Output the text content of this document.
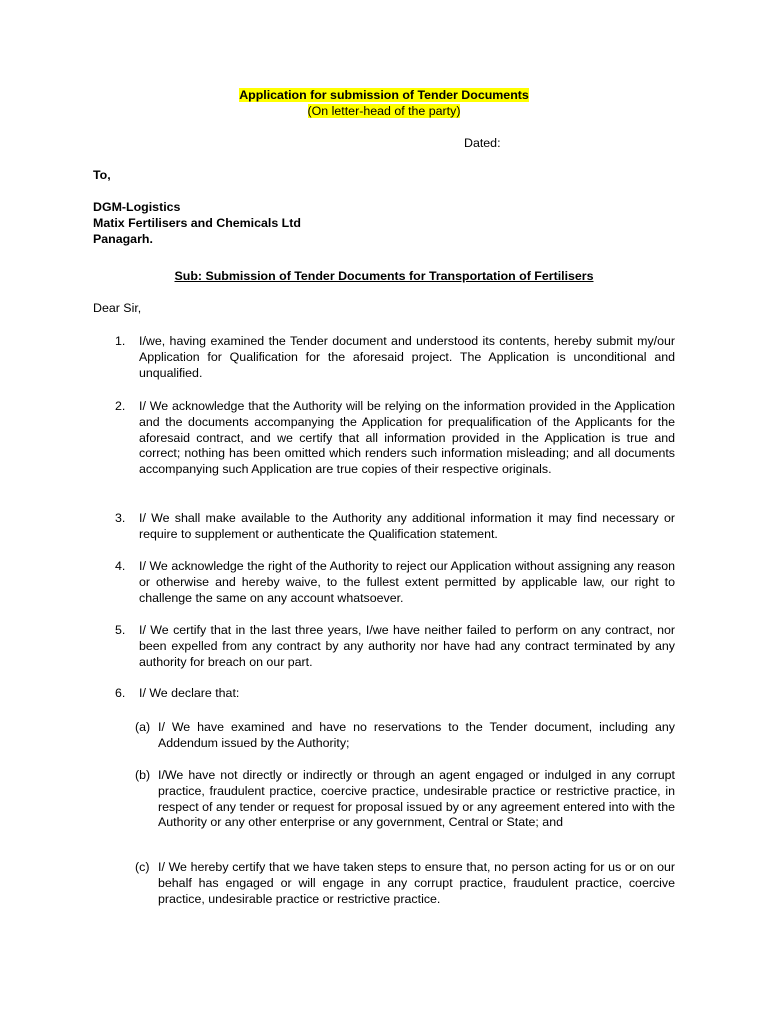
Application for submission of Tender Documents
(On letter-head of the party)
Dated:
To,
DGM-Logistics
Matix Fertilisers and Chemicals Ltd
Panagarh.
Sub: Submission of Tender Documents for Transportation of Fertilisers
Dear Sir,
1. I/we, having examined the Tender document and understood its contents, hereby submit my/our Application for Qualification for the aforesaid project. The Application is unconditional and unqualified.
2. I/ We acknowledge that the Authority will be relying on the information provided in the Application and the documents accompanying the Application for prequalification of the Applicants for the aforesaid contract, and we certify that all information provided in the Application is true and correct; nothing has been omitted which renders such information misleading; and all documents accompanying such Application are true copies of their respective originals.
3. I/ We shall make available to the Authority any additional information it may find necessary or require to supplement or authenticate the Qualification statement.
4. I/ We acknowledge the right of the Authority to reject our Application without assigning any reason or otherwise and hereby waive, to the fullest extent permitted by applicable law, our right to challenge the same on any account whatsoever.
5. I/ We certify that in the last three years, I/we have neither failed to perform on any contract, nor been expelled from any contract by any authority nor have had any contract terminated by any authority for breach on our part.
6. I/ We declare that:
(a) I/ We have examined and have no reservations to the Tender document, including any Addendum issued by the Authority;
(b) I/We have not directly or indirectly or through an agent engaged or indulged in any corrupt practice, fraudulent practice, coercive practice, undesirable practice or restrictive practice, in respect of any tender or request for proposal issued by or any agreement entered into with the Authority or any other enterprise or any government, Central or State; and
(c) I/ We hereby certify that we have taken steps to ensure that, no person acting for us or on our behalf has engaged or will engage in any corrupt practice, fraudulent practice, coercive practice, undesirable practice or restrictive practice.
